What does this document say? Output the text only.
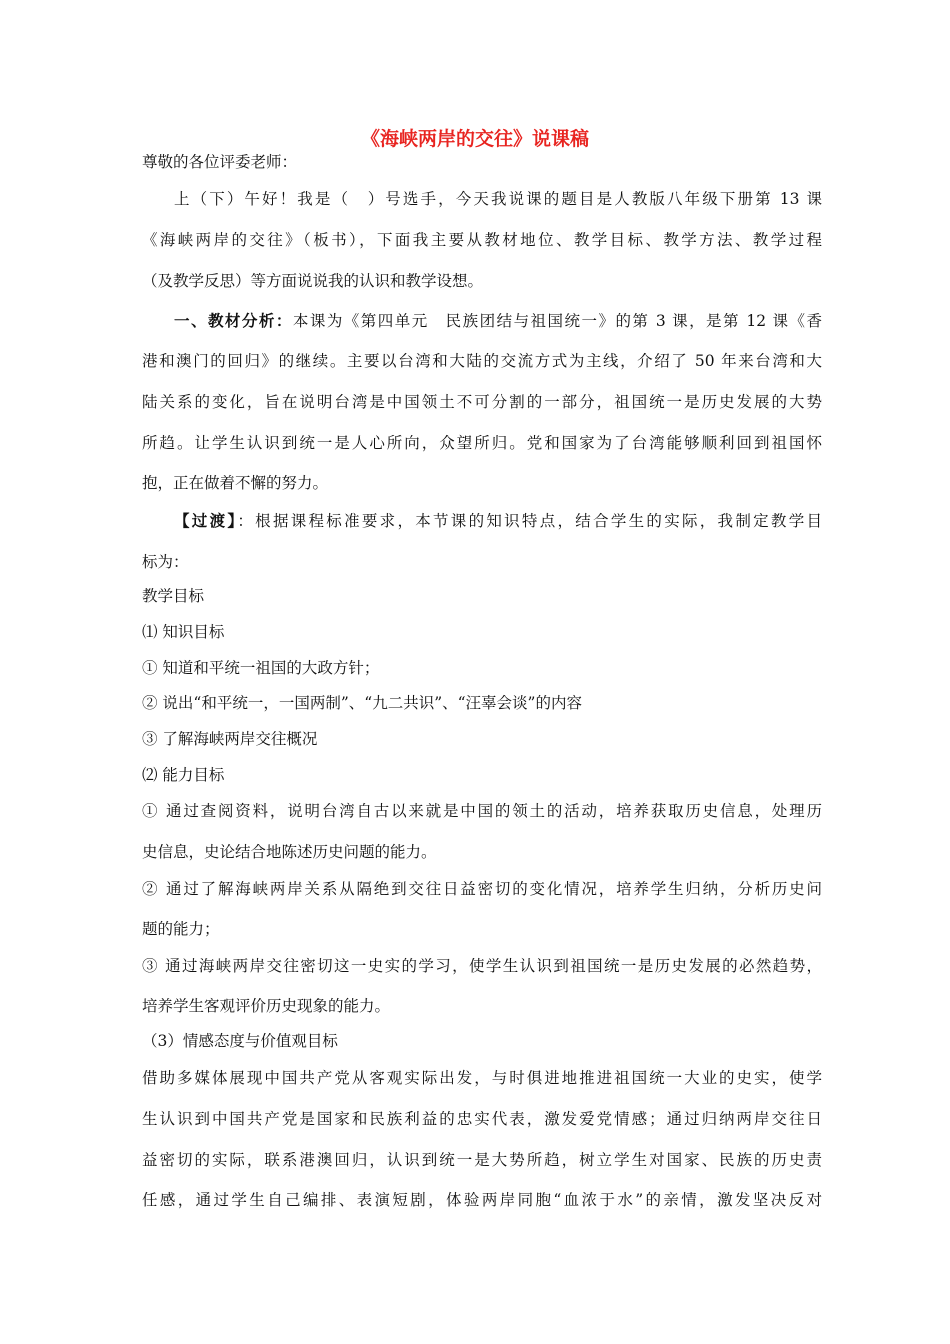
《海峡两岸的交往》说课稿
尊敬的各位评委老师：
上（下）午好！我是（　）号选手，今天我说课的题目是人教版八年级下册第 13 课
《海峡两岸的交往》（板书），下面我主要从教材地位、教学目标、教学方法、教学过程
（及教学反思）等方面说说我的认识和教学设想。
一、教材分析：本课为《第四单元　民族团结与祖国统一》的第 3 课，是第 12 课《香
港和澳门的回归》的继续。主要以台湾和大陆的交流方式为主线，介绍了 50 年来台湾和大
陆关系的变化，旨在说明台湾是中国领土不可分割的一部分，祖国统一是历史发展的大势
所趋。让学生认识到统一是人心所向，众望所归。党和国家为了台湾能够顺利回到祖国怀
抱，正在做着不懈的努力。
【过渡】：根据课程标准要求，本节课的知识特点，结合学生的实际，我制定教学目
标为：
教学目标
⑴ 知识目标
① 知道和平统一祖国的大政方针；
② 说出“和平统一，一国两制”、“九二共识”、“汪辜会谈”的内容
③ 了解海峡两岸交往概况
⑵ 能力目标
① 通过查阅资料，说明台湾自古以来就是中国的领土的活动，培养获取历史信息，处理历
史信息，史论结合地陈述历史问题的能力。
② 通过了解海峡两岸关系从隔绝到交往日益密切的变化情况，培养学生归纳，分析历史问
题的能力；
③ 通过海峡两岸交往密切这一史实的学习，使学生认识到祖国统一是历史发展的必然趋势，
培养学生客观评价历史现象的能力。
（3）情感态度与价值观目标
借助多媒体展现中国共产党从客观实际出发，与时俱进地推进祖国统一大业的史实，使学
生认识到中国共产党是国家和民族利益的忠实代表，激发爱党情感；通过归纳两岸交往日
益密切的实际，联系港澳回归，认识到统一是大势所趋，树立学生对国家、民族的历史责
任感，通过学生自己编排、表演短剧，体验两岸同胞“血浓于水”的亲情，激发坚决反对
